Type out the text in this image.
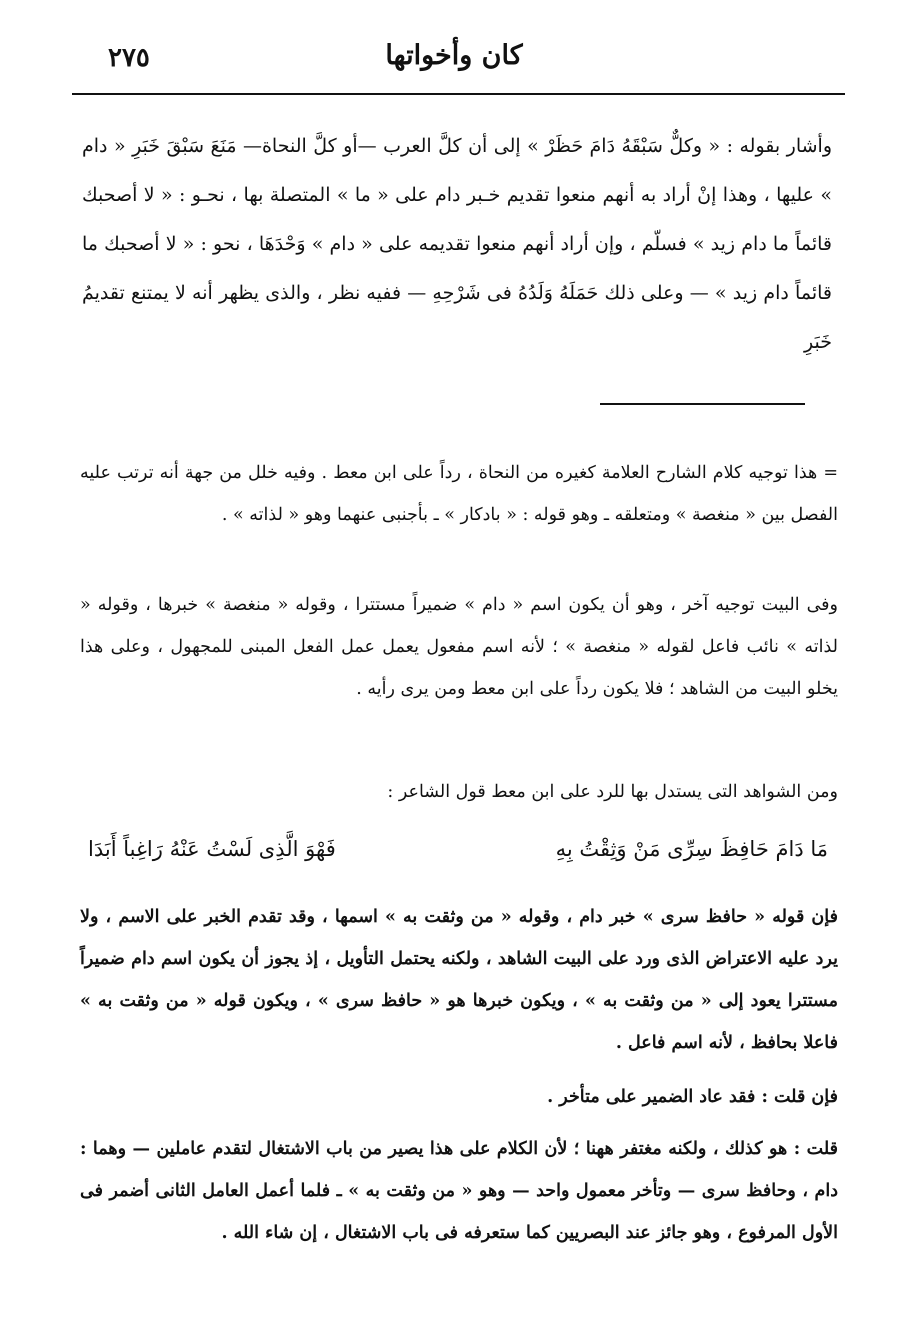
كان وأخواتها
٢٧٥
وأشار بقوله : « وكلٌّ سَبْقَهُ دَامَ حَظَرْ » إلى أن كلَّ العرب —أو كلَّ النحاة— مَنَعَ سَبْقَ خَبَرِ « دام » عليها ، وهذا إنْ أراد به أنهم منعوا تقديم خـبر دام على « ما » المتصلة بها ، نحـو : « لا أصحبك قائماً ما دام زيد » فسلّم ، وإن أراد أنهم منعوا تقديمه على « دام » وَحْدَهَا ، نحو : « لا أصحبك ما قائماً دام زيد » — وعلى ذلك حَمَلَهُ وَلَدُهُ فى شَرْحِهِ — ففيه نظر ، والذى يظهر أنه لا يمتنع تقديمُ خَبَرِ

= هذا توجيه كلام الشارح العلامة كغيره من النحاة ، رداً على ابن معط . وفيه خلل من جهة أنه ترتب عليه الفصل بين « منغصة » ومتعلقه ـ وهو قوله : « بادكار » ـ بأجنبى عنهما وهو « لذاته » .

وفى البيت توجيه آخر ، وهو أن يكون اسم « دام » ضميراً مستترا ، وقوله « منغصة » خبرها ، وقوله « لذاته » نائب فاعل لقوله « منغصة » ؛ لأنه اسم مفعول يعمل عمل الفعل المبنى للمجهول ، وعلى هذا يخلو البيت من الشاهد ؛ فلا يكون رداً على ابن معط ومن يرى رأيه .

ومن الشواهد التى يستدل بها للرد على ابن معط قول الشاعر :

مَا دَامَ حَافِظَ سِرِّى مَنْ وَثِقْتُ بِهِ
فَهْوَ الَّذِى لَسْتُ عَنْهُ رَاغِباً أَبَدَا

فإن قوله « حافظ سرى » خبر دام ، وقوله « من وثقت به » اسمها ، وقد تقدم الخبر على الاسم ، ولا يرد عليه الاعتراض الذى ورد على البيت الشاهد ، ولكنه يحتمل التأويل ، إذ يجوز أن يكون اسم دام ضميراً مستترا يعود إلى « من وثقت به » ، ويكون خبرها هو « حافظ سرى » ، ويكون قوله « من وثقت به » فاعلا بحافظ ، لأنه اسم فاعل .

فإن قلت : فقد عاد الضمير على متأخر .

قلت : هو كذلك ، ولكنه مغتفر ههنا ؛ لأن الكلام على هذا يصير من باب الاشتغال لتقدم عاملين — وهما : دام ، وحافظ سرى — وتأخر معمول واحد — وهو « من وثقت به » ـ فلما أعمل العامل الثانى أضمر فى الأول المرفوع ، وهو جائز عند البصريين كما ستعرفه فى باب الاشتغال ، إن شاء الله .
